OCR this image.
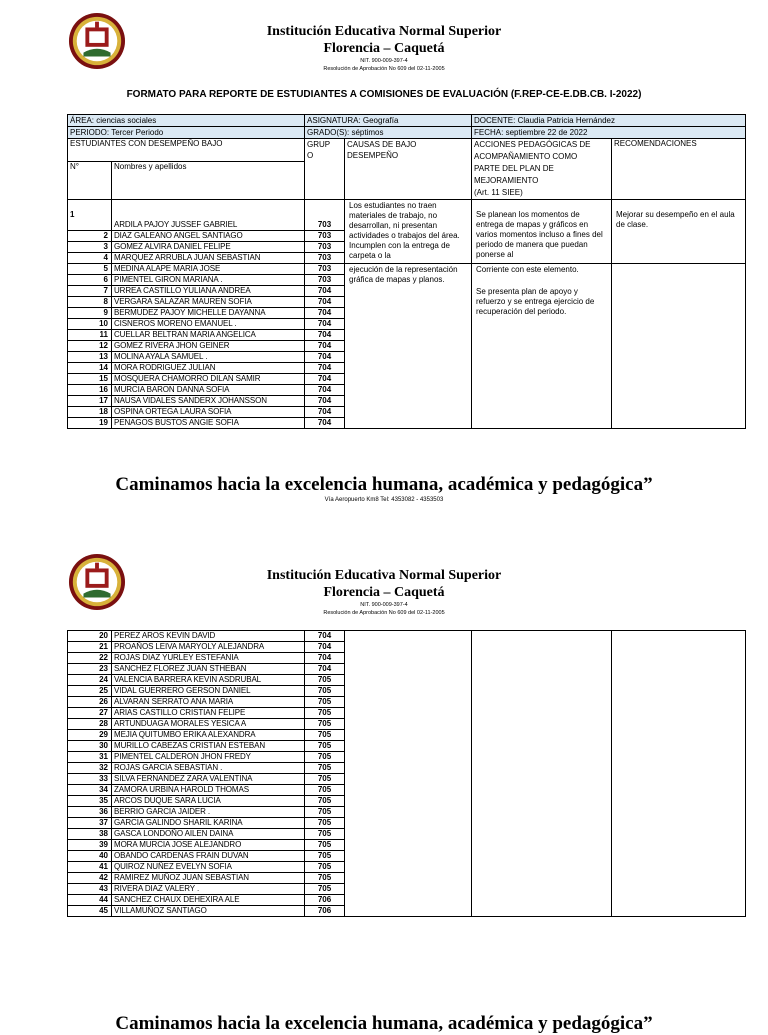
Institución Educativa Normal Superior
Florencia – Caquetá
NIT. 900-009-397-4
Resolución de Aprobación No 609 del 02-11-2005
FORMATO PARA REPORTE DE ESTUDIANTES A COMISIONES DE EVALUACIÓN (F.REP-CE-E.DB.CB. I-2022)
ÁREA: ciencias sociales		ASIGNATURA: Geografía		DOCENTE: Claudia Patricia Hernández	
PERIODO: Tercer Periodo		GRADO(S): séptimos		FECHA: septiembre 22 de 2022	
ESTUDIANTES CON DESEMPEÑO BAJO		GRUP O	CAUSAS DE BAJO DESEMPEÑO	ACCIONES PEDAGÓGICAS DE ACOMPAÑAMIENTO COMO
PARTE DEL PLAN DE MEJORAMIENTO
(Art. 11 SIEE)	RECOMENDACIONES
N°	Nombres y apellidos				
1	ARDILA PAJOY JUSSEF GABRIEL	703	Los estudiantes no traen materiales de trabajo, no desarrollan, ni presentan actividades o trabajos del área. Incumplen con la entrega de carpeta o la	Se planean los momentos de entrega de mapas y gráficos en varios momentos incluso a fines del periodo de manera que puedan ponerse al	Mejorar su desempeño en el aula de clase.
2	DIAZ GALEANO ANGEL SANTIAGO	703			
3	GOMEZ ALVIRA DANIEL FELIPE	703			
4	MARQUEZ ARRUBLA JUAN SEBASTIAN	703			
5	MEDINA ALAPE MARIA JOSE	703	ejecución de la representación gráfica de mapas y planos.	Corriente con este elemento.
Se presenta plan de apoyo y refuerzo y se entrega ejercicio de recuperación del periodo.	

6	PIMENTEL GIRON MARIANA .	703			
7	URREA CASTILLO YULIANA ANDREA	704			
8	VERGARA SALAZAR MAUREN SOFIA	704			
9	BERMUDEZ PAJOY MICHELLE DAYANNA	704			
10	CISNEROS MORENO EMANUEL .	704			
11	CUELLAR BELTRAN MARIA ANGELICA	704			
12	GOMEZ RIVERA JHON GEINER	704			
13	MOLINA AYALA SAMUEL .	704			
14	MORA RODRIGUEZ JULIAN	704			
15	MOSQUERA CHAMORRO DILAN SAMIR	704			
16	MURCIA BARON DANNA SOFIA	704			
17	NAUSA VIDALES SANDERX JOHANSSON	704			
18	OSPINA ORTEGA LAURA SOFIA	704			
19	PENAGOS BUSTOS ANGIE SOFIA	704			
Caminamos hacia la excelencia humana, académica y pedagógica”
Vía Aeropuerto Km8 Tel: 4353082 - 4353503
Institución Educativa Normal Superior
Florencia – Caquetá
NIT. 900-009-397-4
Resolución de Aprobación No 609 del 02-11-2005
20	PEREZ AROS KEVIN DAVID	704			
21	PROAÑOS LEIVA MARYOLY ALEJANDRA	704			
22	ROJAS DIAZ YURLEY ESTEFANIA	704			
23	SANCHEZ FLOREZ JUAN STHEBAN	704			
24	VALENCIA BARRERA KEVIN ASDRUBAL	705			
25	VIDAL GUERRERO GERSON DANIEL	705			
26	ALVARAN SERRATO ANA MARIA	705			
27	ARIAS CASTILLO CRISTIAN FELIPE	705			
28	ARTUNDUAGA MORALES YESICA A	705			
29	MEJIA QUITUMBO ERIKA ALEXANDRA	705			
30	MURILLO CABEZAS CRISTIAN ESTEBAN	705			
31	PIMENTEL CALDERON JHON FREDY	705			
32	ROJAS GARCIA SEBASTIAN .	705			
33	SILVA FERNANDEZ ZARA VALENTINA	705			
34	ZAMORA URBINA HAROLD THOMAS	705			
35	ARCOS DUQUE SARA LUCIA	705			
36	BERRIO GARCIA JAIDER .	705			
37	GARCIA GALINDO SHARIL KARINA	705			
38	GASCA LONDOÑO AILEN DAINA	705			
39	MORA MURCIA JOSE ALEJANDRO	705			
40	OBANDO CARDENAS FRAIN DUVAN	705			
41	QUIROZ NUÑEZ EVELYN SOFIA	705			
42	RAMIREZ MUÑOZ JUAN SEBASTIAN	705			
43	RIVERA DIAZ VALERY .	705			
44	SANCHEZ CHAUX DEHEXIRA ALE	706			
45	VILLAMUÑOZ SANTIAGO	706			
Caminamos hacia la excelencia humana, académica y pedagógica”
